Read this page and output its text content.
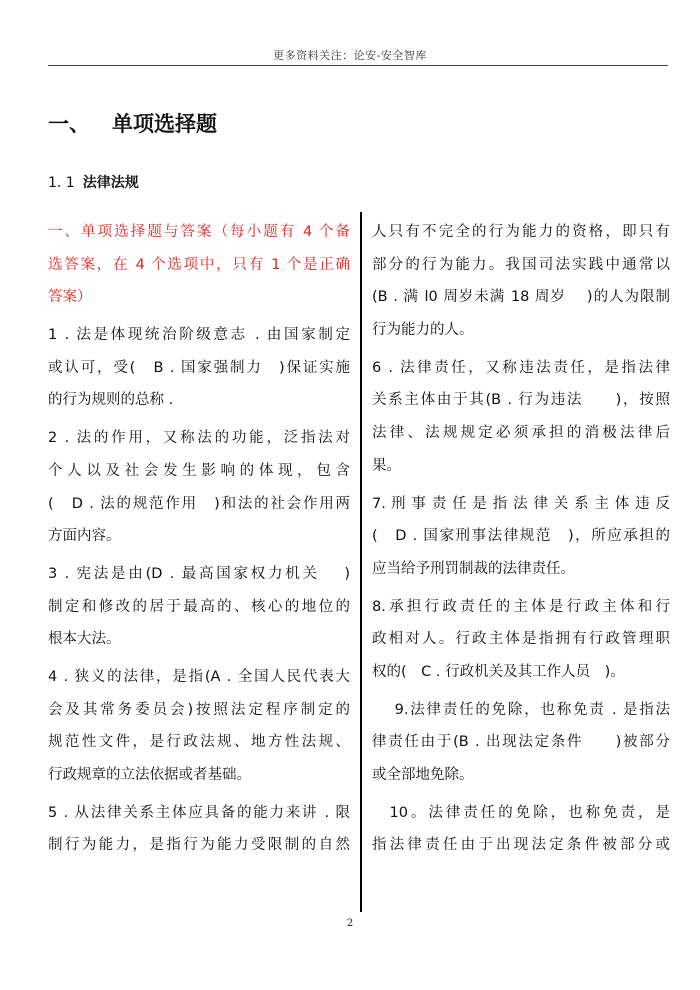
更多资料关注：论安-安全智库
一、 单项选择题
1. 1 法律法规
一、单项选择题与答案（每小题有 4 个备
选答案，在 4 个选项中，只有 1 个是正确
答案）
1 . 法是体现统治阶级意志 . 由国家制定
或认可，受(　B . 国家强制力　)保证实施
的行为规则的总称 .
2 . 法的作用，又称法的功能，泛指法对
个人以及社会发生影响的体现，包含
(　D . 法的规范作用　)和法的社会作用两
方面内容。
3 . 宪法是由(D . 最高国家权力机关　 )
制定和修改的居于最高的、核心的地位的
根本大法。
4 . 狭义的法律，是指(A . 全国人民代表大
会及其常务委员会)按照法定程序制定的
规范性文件，是行政法规、地方性法规、
行政规章的立法依据或者基础。
5 . 从法律关系主体应具备的能力来讲 . 限
制行为能力，是指行为能力受限制的自然
人只有不完全的行为能力的资格，即只有
部分的行为能力。我国司法实践中通常以
(B . 满 l0 周岁未满 18 周岁　 )的人为限制
行为能力的人。
6 . 法律责任，又称违法责任，是指法律
关系主体由于其(B . 行为违法　　)，按照
法律、法规规定必须承担的消极法律后
果。
7. 刑 事 责 任 是 指 法 律 关 系 主 体 违 反
(　D . 国家刑事法律规范　)，所应承担的
应当给予刑罚制裁的法律责任。
8.承担行政责任的主体是行政主体和行
政相对人。行政主体是指拥有行政管理职
权的(　C . 行政机关及其工作人员　)。
　 9.法律责任的免除，也称免责 . 是指法
律责任由于(B . 出现法定条件　　)被部分
或全部地免除。
　10。法律责任的免除，也称免责，是
指法律责任由于出现法定条件被部分或
2
